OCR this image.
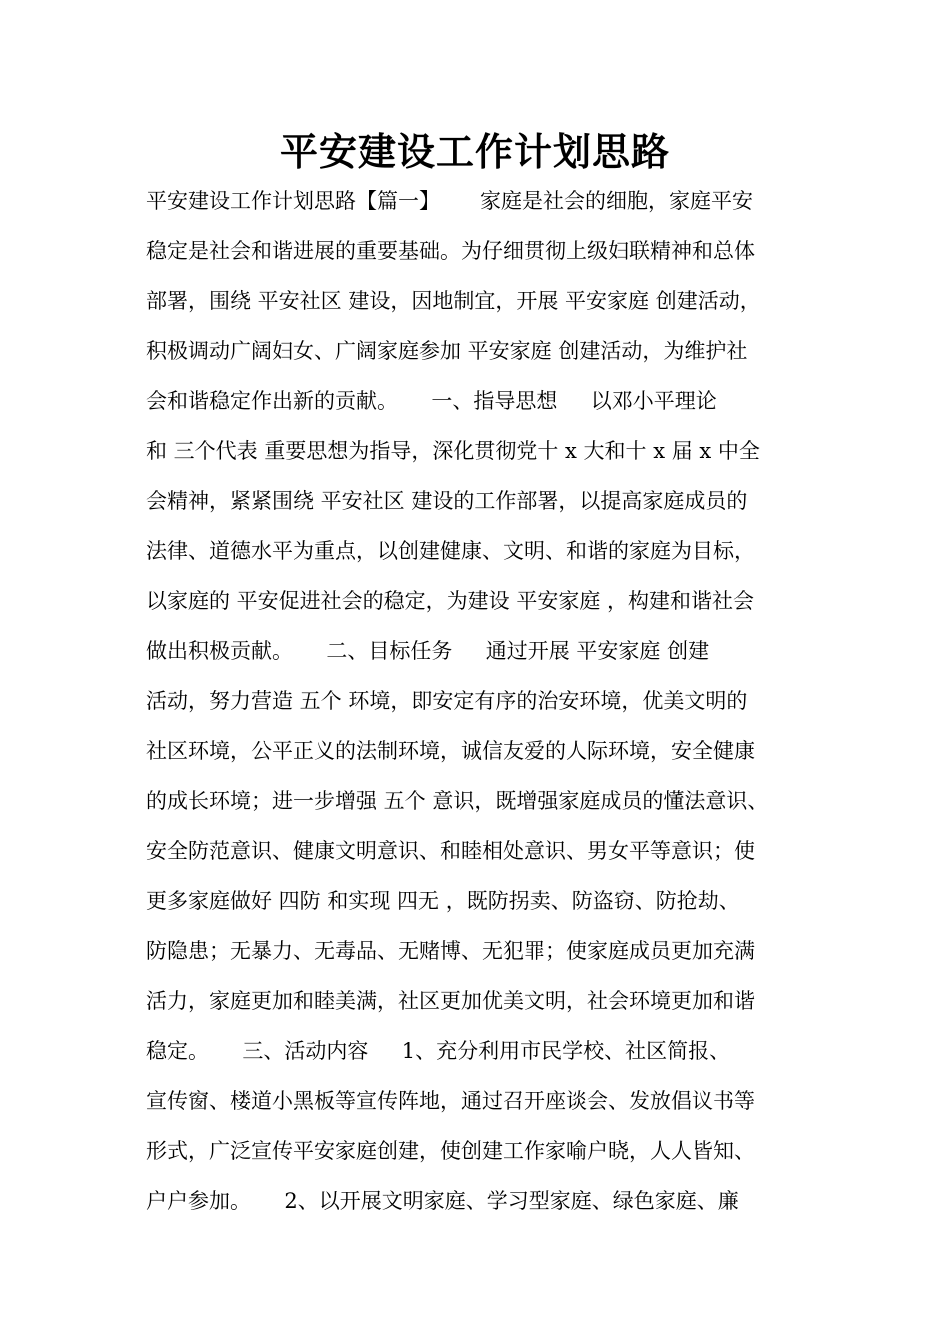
平安建设工作计划思路
平安建设工作计划思路【篇一】      家庭是社会的细胞，家庭平安
稳定是社会和谐进展的重要基础。为仔细贯彻上级妇联精神和总体
部署，围绕 平安社区 建设，因地制宜，开展 平安家庭 创建活动，
积极调动广阔妇女、广阔家庭参加 平安家庭 创建活动，为维护社
会和谐稳定作出新的贡献。     一、指导思想     以邓小平理论
和 三个代表 重要思想为指导，深化贯彻党十 x 大和十 x 届 x 中全
会精神，紧紧围绕 平安社区 建设的工作部署，以提高家庭成员的
法律、道德水平为重点，以创建健康、文明、和谐的家庭为目标，
以家庭的 平安促进社会的稳定，为建设 平安家庭 ，构建和谐社会
做出积极贡献。     二、目标任务     通过开展 平安家庭 创建
活动，努力营造 五个 环境，即安定有序的治安环境，优美文明的
社区环境，公平正义的法制环境，诚信友爱的人际环境，安全健康
的成长环境；进一步增强 五个 意识，既增强家庭成员的懂法意识、
安全防范意识、健康文明意识、和睦相处意识、男女平等意识；使
更多家庭做好 四防 和实现 四无 ，既防拐卖、防盗窃、防抢劫、
防隐患；无暴力、无毒品、无赌博、无犯罪；使家庭成员更加充满
活力，家庭更加和睦美满，社区更加优美文明，社会环境更加和谐
稳定。     三、活动内容     1、充分利用市民学校、社区简报、
宣传窗、楼道小黑板等宣传阵地，通过召开座谈会、发放倡议书等
形式，广泛宣传平安家庭创建，使创建工作家喻户晓，人人皆知、
户户参加。     2、以开展文明家庭、学习型家庭、绿色家庭、廉
